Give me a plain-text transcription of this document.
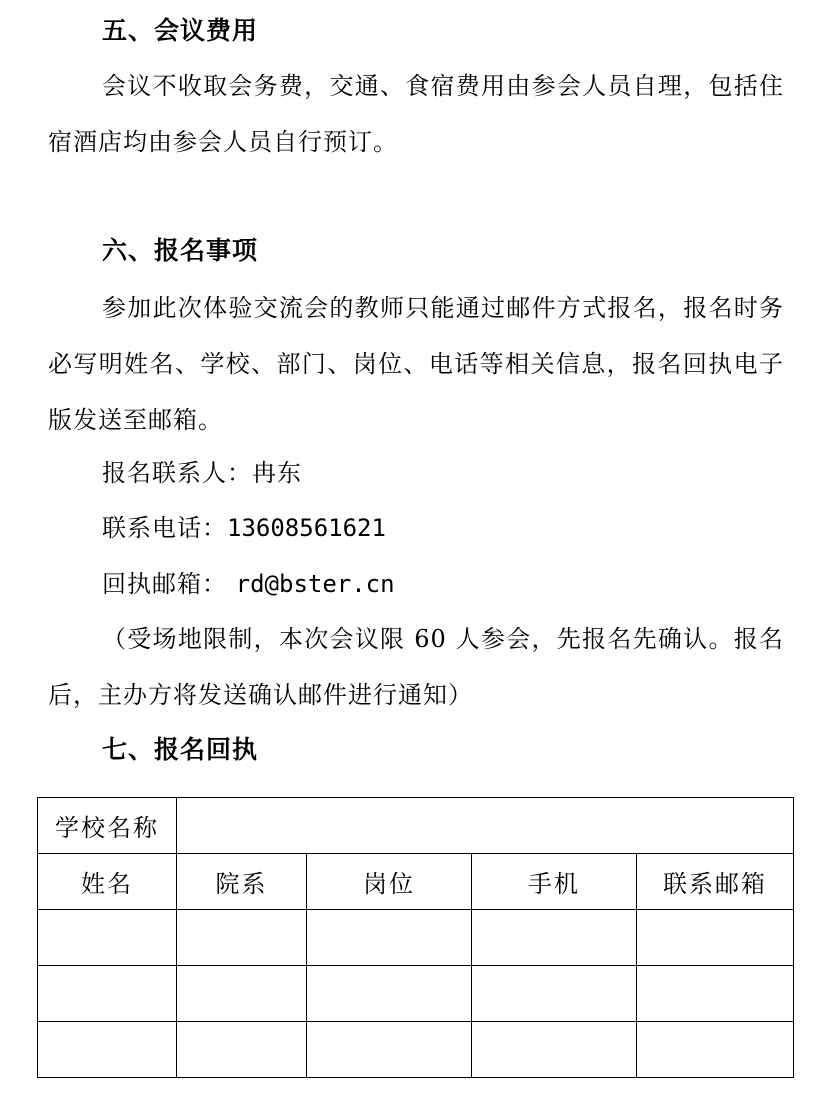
五、会议费用
会议不收取会务费，交通、食宿费用由参会人员自理，包括住宿酒店均由参会人员自行预订。
六、报名事项
参加此次体验交流会的教师只能通过邮件方式报名，报名时务必写明姓名、学校、部门、岗位、电话等相关信息，报名回执电子版发送至邮箱。
报名联系人：冉东
联系电话：13608561621
回执邮箱： rd@bster.cn
（受场地限制，本次会议限 60 人参会，先报名先确认。报名后，主办方将发送确认邮件进行通知）
七、报名回执
学校名称				
姓名	院系	岗位	手机	联系邮箱
